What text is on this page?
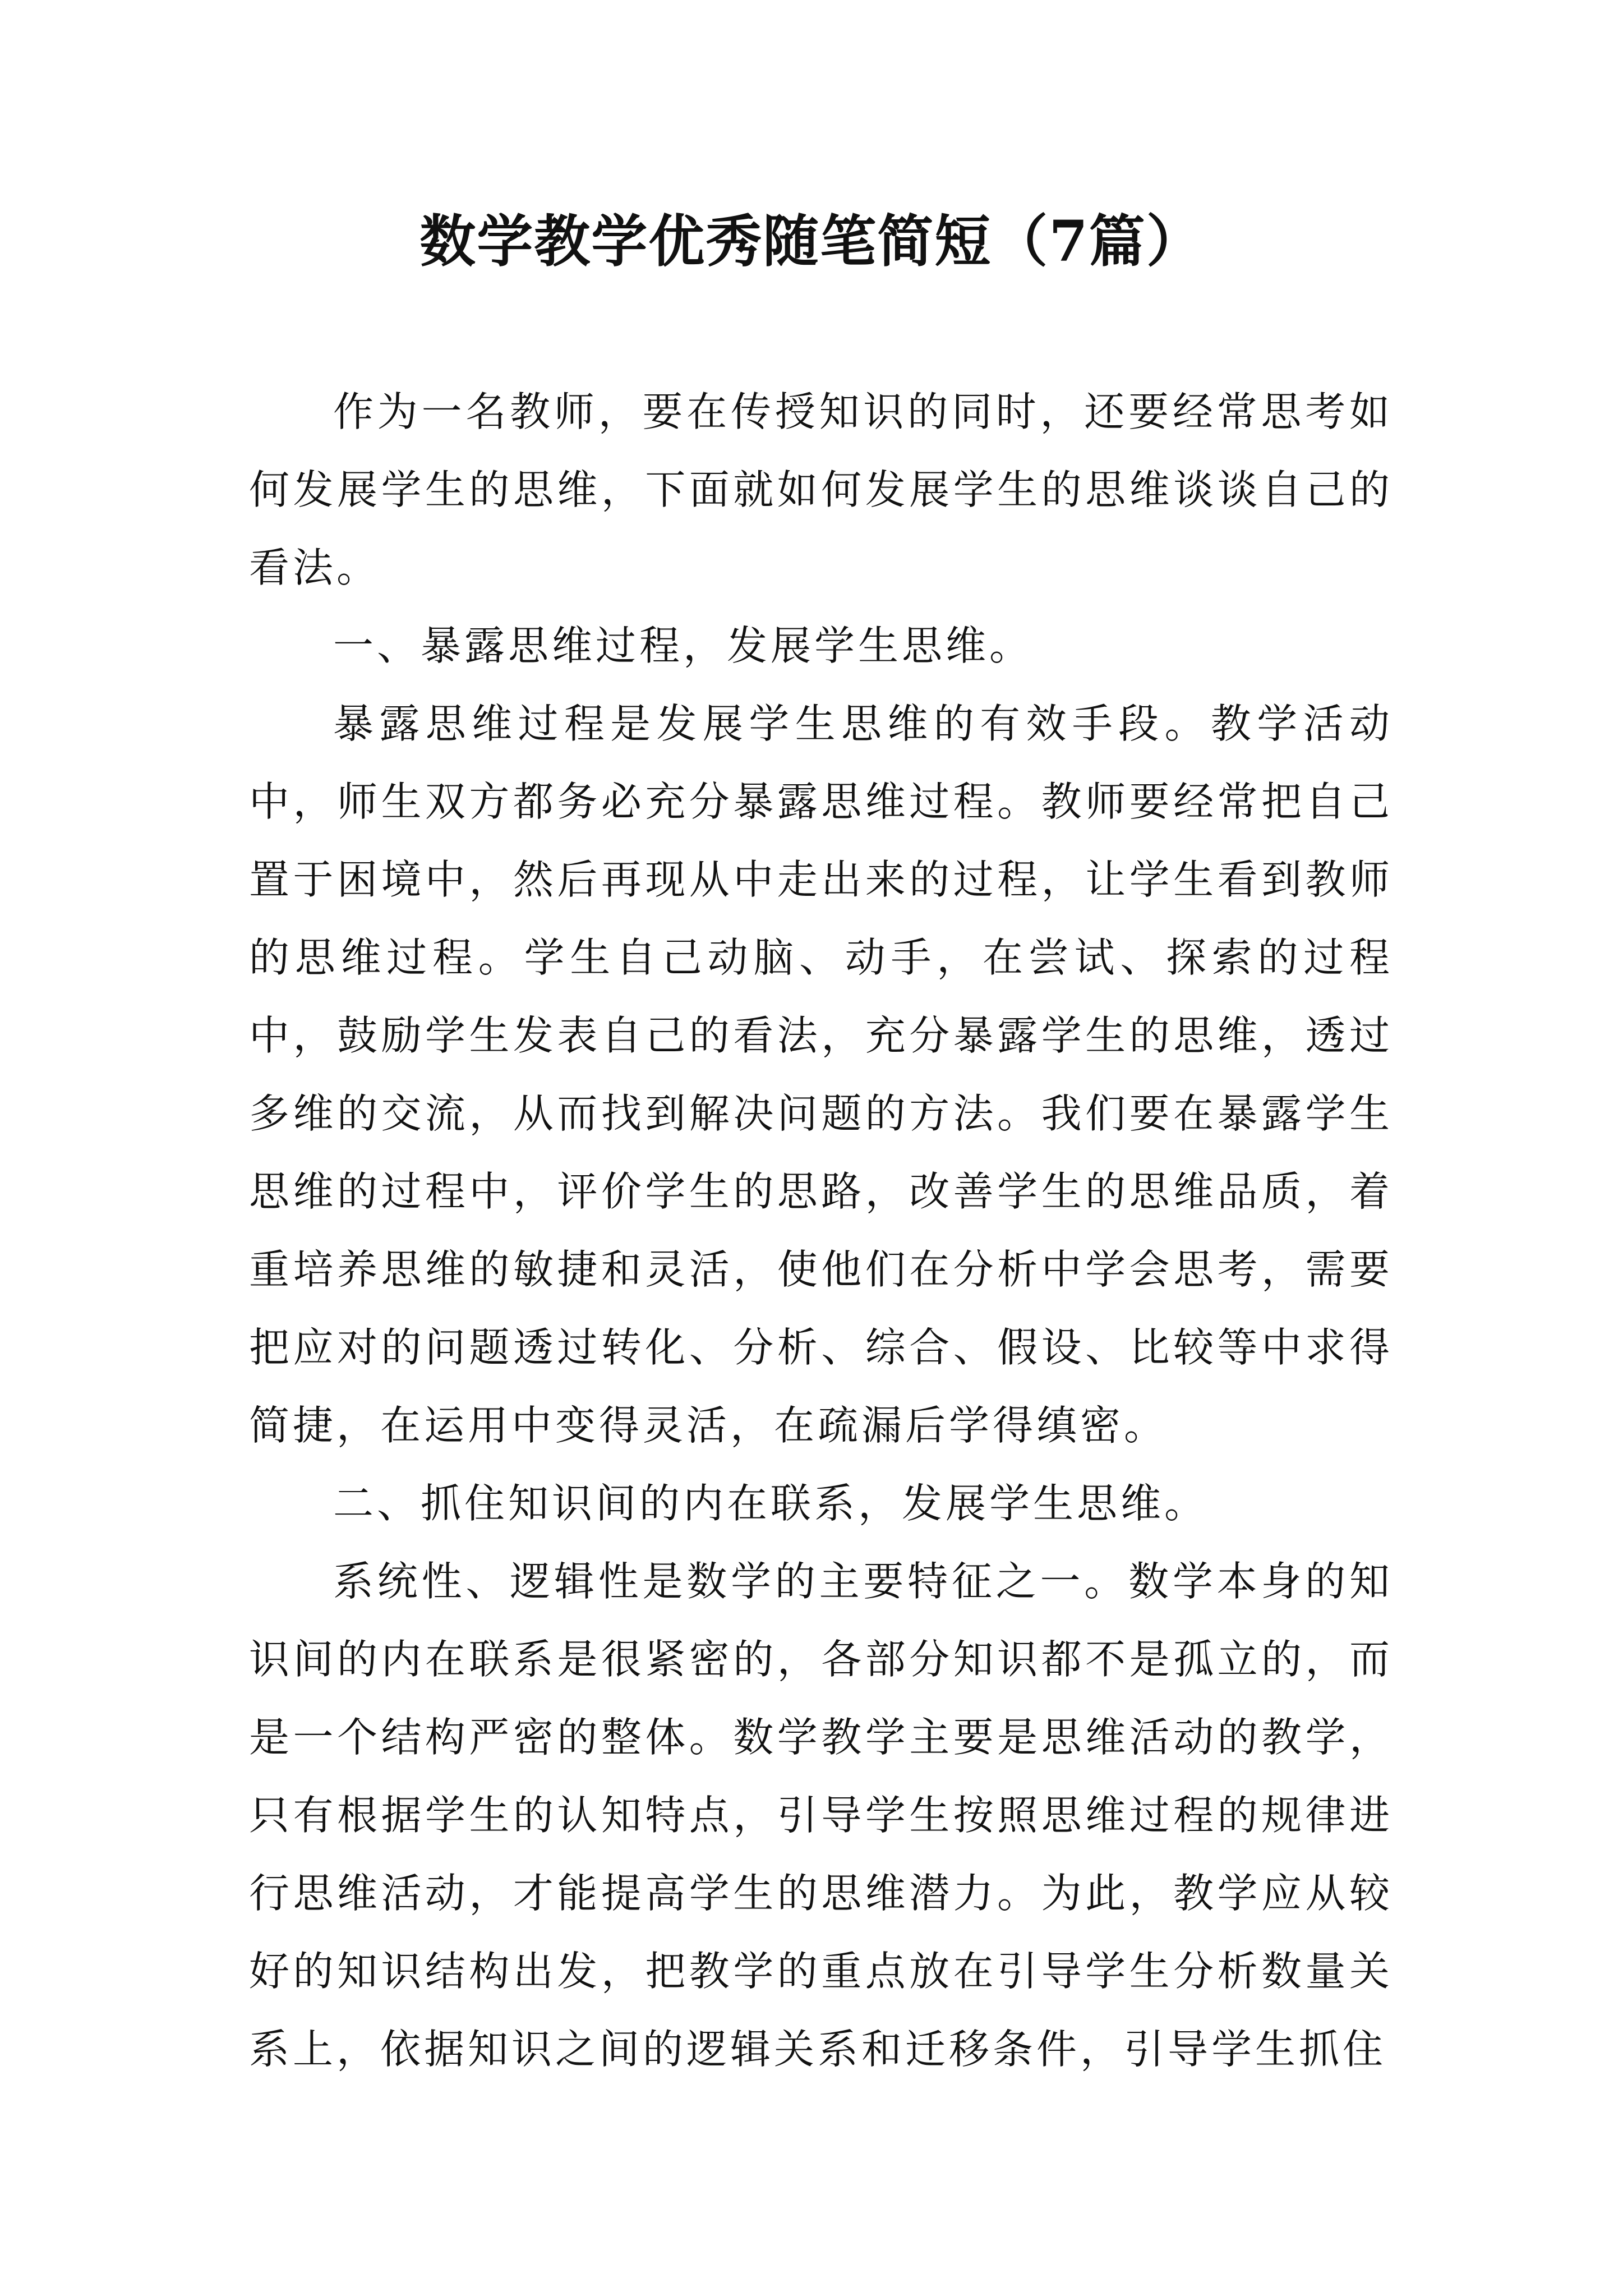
数学教学优秀随笔简短（7篇）

作为一名教师，要在传授知识的同时，还要经常思考如何发展学生的思维，下面就如何发展学生的思维谈谈自己的看法。

一、暴露思维过程，发展学生思维。

暴露思维过程是发展学生思维的有效手段。教学活动中，师生双方都务必充分暴露思维过程。教师要经常把自己置于困境中，然后再现从中走出来的过程，让学生看到教师的思维过程。学生自己动脑、动手，在尝试、探索的过程中，鼓励学生发表自己的看法，充分暴露学生的思维，透过多维的交流，从而找到解决问题的方法。我们要在暴露学生思维的过程中，评价学生的思路，改善学生的思维品质，着重培养思维的敏捷和灵活，使他们在分析中学会思考，需要把应对的问题透过转化、分析、综合、假设、比较等中求得简捷，在运用中变得灵活，在疏漏后学得缜密。

二、抓住知识间的内在联系，发展学生思维。

系统性、逻辑性是数学的主要特征之一。数学本身的知识间的内在联系是很紧密的，各部分知识都不是孤立的，而是一个结构严密的整体。数学教学主要是思维活动的教学，只有根据学生的认知特点，引导学生按照思维过程的规律进行思维活动，才能提高学生的思维潜力。为此，教学应从较好的知识结构出发，把教学的重点放在引导学生分析数量关系上，依据知识之间的逻辑关系和迁移条件，引导学生抓住
